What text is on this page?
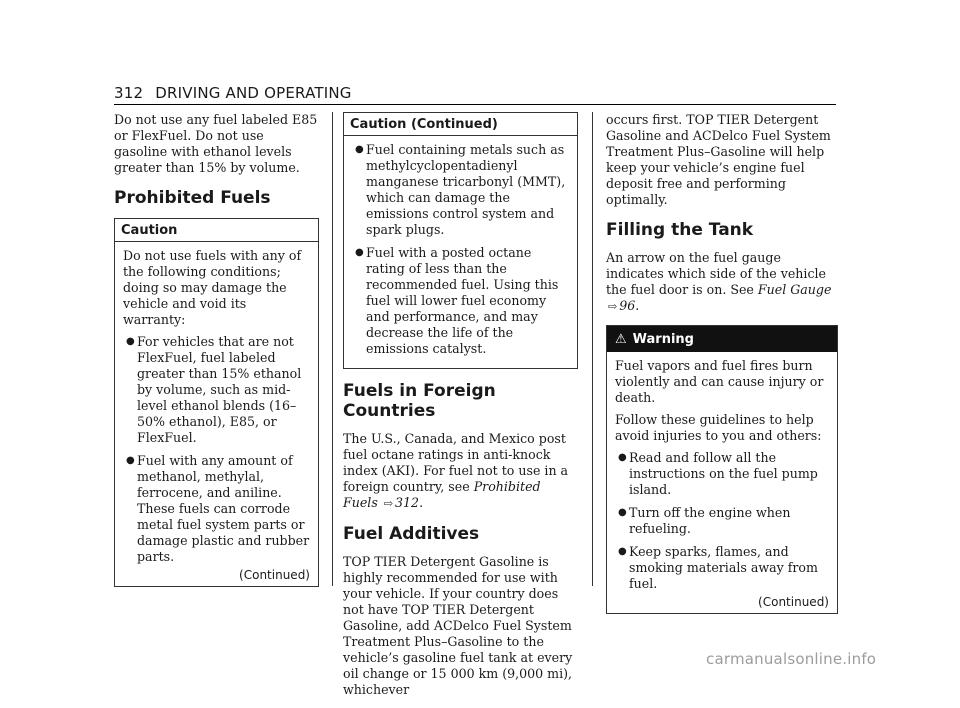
312 DRIVING AND OPERATING

Do not use any fuel labeled E85 or FlexFuel. Do not use gasoline with ethanol levels greater than 15% by volume.

Prohibited Fuels
Caution

Do not use fuels with any of the following conditions; doing so may damage the vehicle and void its warranty:

● For vehicles that are not FlexFuel, fuel labeled greater than 15% ethanol by volume, such as mid-level ethanol blends (16–50% ethanol), E85, or FlexFuel.
● Fuel with any amount of methanol, methylal, ferrocene, and aniline. These fuels can corrode metal fuel system parts or damage plastic and rubber parts.
(Continued)
Caution (Continued)
● Fuel containing metals such as methylcyclopentadienyl manganese tricarbonyl (MMT), which can damage the emissions control system and spark plugs.
● Fuel with a posted octane rating of less than the recommended fuel. Using this fuel will lower fuel economy and performance, and may decrease the life of the emissions catalyst.
Fuels in Foreign Countries

The U.S., Canada, and Mexico post fuel octane ratings in anti-knock index (AKI). For fuel not to use in a foreign country, see Prohibited Fuels ⇨ 312.

Fuel Additives

TOP TIER Detergent Gasoline is highly recommended for use with your vehicle. If your country does not have TOP TIER Detergent Gasoline, add ACDelco Fuel System Treatment Plus–Gasoline to the vehicle’s gasoline fuel tank at every oil change or 15 000 km (9,000 mi), whichever

occurs first. TOP TIER Detergent Gasoline and ACDelco Fuel System Treatment Plus–Gasoline will help keep your vehicle’s engine fuel deposit free and performing optimally.

Filling the Tank

An arrow on the fuel gauge indicates which side of the vehicle the fuel door is on. See Fuel Gauge ⇨ 96.

⚠ Warning

Fuel vapors and fuel fires burn violently and can cause injury or death.

Follow these guidelines to help avoid injuries to you and others:

● Read and follow all the instructions on the fuel pump island.
● Turn off the engine when refueling.
● Keep sparks, flames, and smoking materials away from fuel.
(Continued)
carmanualsonline.info
